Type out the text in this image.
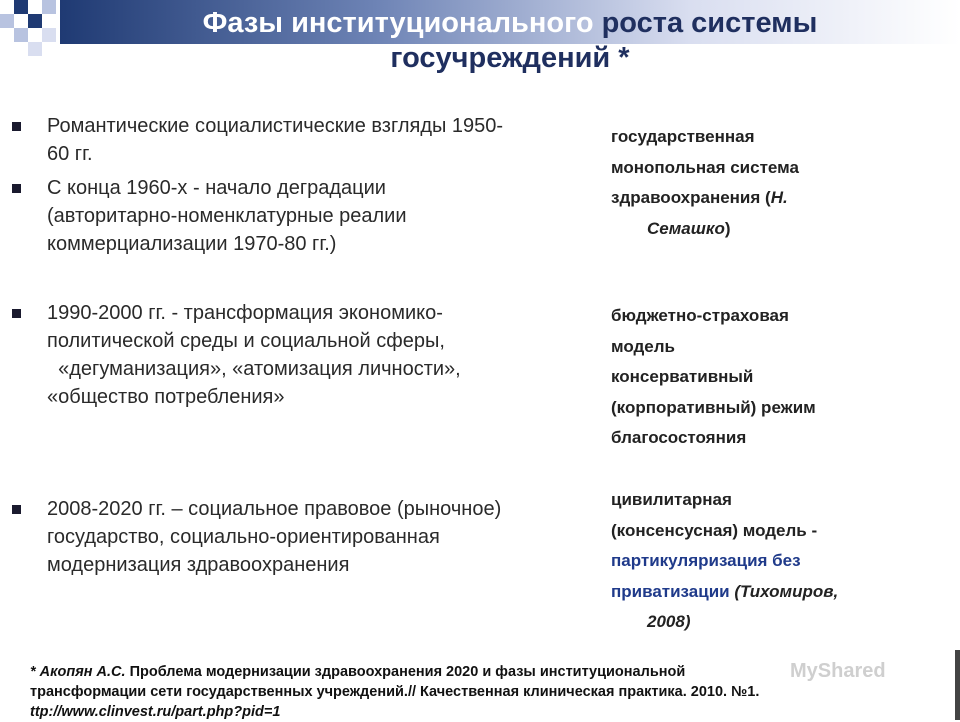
Фазы институционального роста системы
госучреждений *
Романтические социалистические взгляды 1950-
60 гг.
С конца 1960-х - начало деградации
(авторитарно-номенклатурные реалии
коммерциализации 1970-80 гг.)
1990-2000 гг. - трансформация экономико-
политической среды и социальной сферы,
«дегуманизация», «атомизация личности»,
«общество потребления»
2008-2020 гг. – социальное правовое (рыночное)
государство, социально-ориентированная
модернизация здравоохранения
государственная
монопольная система
здравоохранения (Н.
Семашко)
бюджетно-страховая
модель
консервативный
(корпоративный) режим
благосостояния
цивилитарная
(консенсусная) модель -
партикуляризация без
приватизации (Тихомиров,
2008)
* Акопян А.С. Проблема модернизации здравоохранения 2020 и фазы институциональной
трансформации сети государственных учреждений.// Качественная клиническая практика. 2010. №1.
ttp://www.clinvest.ru/part.php?pid=1
MyShared
